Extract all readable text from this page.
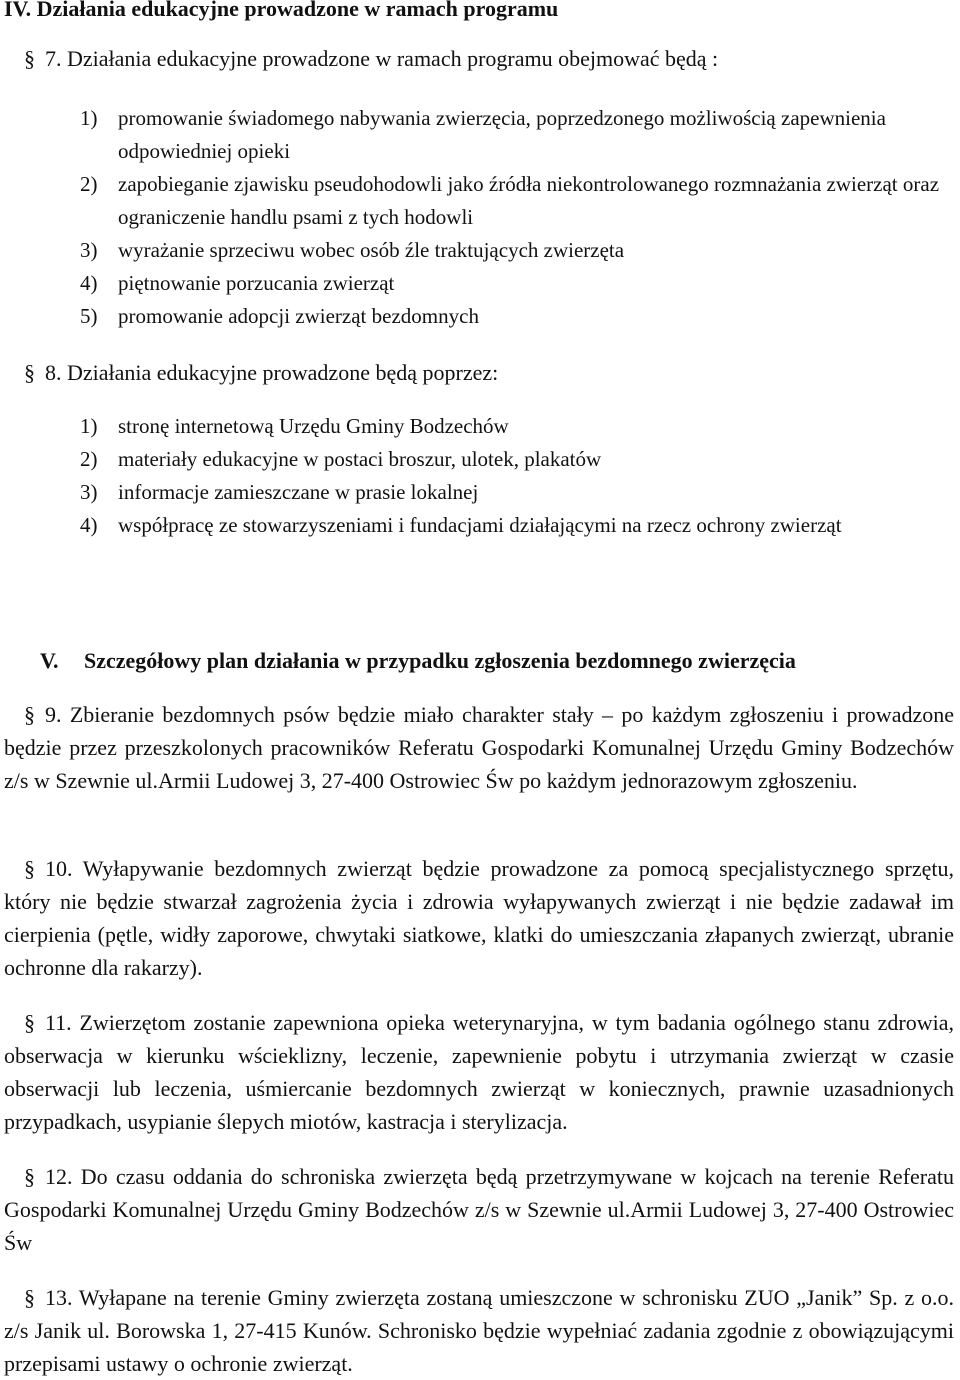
IV. Działania edukacyjne prowadzone w ramach programu

§ 7. Działania edukacyjne prowadzone w ramach programu obejmować będą :

1) promowanie świadomego nabywania zwierzęcia, poprzedzonego możliwością zapewnienia odpowiedniej opieki
2) zapobieganie zjawisku pseudohodowli jako źródła niekontrolowanego rozmnażania zwierząt oraz ograniczenie handlu psami z tych hodowli
3) wyrażanie sprzeciwu wobec osób źle traktujących zwierzęta
4) piętnowanie porzucania zwierząt
5) promowanie adopcji zwierząt bezdomnych

§ 8. Działania edukacyjne prowadzone będą poprzez:

1) stronę internetową Urzędu Gminy Bodzechów
2) materiały edukacyjne w postaci broszur, ulotek, plakatów
3) informacje zamieszczane w prasie lokalnej
4) współpracę ze stowarzyszeniami i fundacjami działającymi na rzecz ochrony zwierząt

V. Szczegółowy plan działania w przypadku zgłoszenia bezdomnego zwierzęcia

§ 9. Zbieranie bezdomnych psów będzie miało charakter stały – po każdym zgłoszeniu i prowadzone będzie przez przeszkolonych pracowników Referatu Gospodarki Komunalnej Urzędu Gminy Bodzechów z/s w Szewnie ul.Armii Ludowej 3, 27-400 Ostrowiec Św po każdym jednorazowym zgłoszeniu.

§ 10. Wyłapywanie bezdomnych zwierząt będzie prowadzone za pomocą specjalistycznego sprzętu, który nie będzie stwarzał zagrożenia życia i zdrowia wyłapywanych zwierząt i nie będzie zadawał im cierpienia (pętle, widły zaporowe, chwytaki siatkowe, klatki do umieszczania złapanych zwierząt, ubranie ochronne dla rakarzy).

§ 11. Zwierzętom zostanie zapewniona opieka weterynaryjna, w tym badania ogólnego stanu zdrowia, obserwacja w kierunku wścieklizny, leczenie, zapewnienie pobytu i utrzymania zwierząt w czasie obserwacji lub leczenia, uśmiercanie bezdomnych zwierząt w koniecznych, prawnie uzasadnionych przypadkach, usypianie ślepych miotów, kastracja i sterylizacja.

§ 12. Do czasu oddania do schroniska zwierzęta będą przetrzymywane w kojcach na terenie Referatu Gospodarki Komunalnej Urzędu Gminy Bodzechów z/s w Szewnie ul.Armii Ludowej 3, 27-400 Ostrowiec Św

§ 13. Wyłapane na terenie Gminy zwierzęta zostaną umieszczone w schronisku ZUO „Janik” Sp. z o.o. z/s Janik ul. Borowska 1, 27-415 Kunów. Schronisko będzie wypełniać zadania zgodnie z obowiązującymi przepisami ustawy o ochronie zwierząt.
